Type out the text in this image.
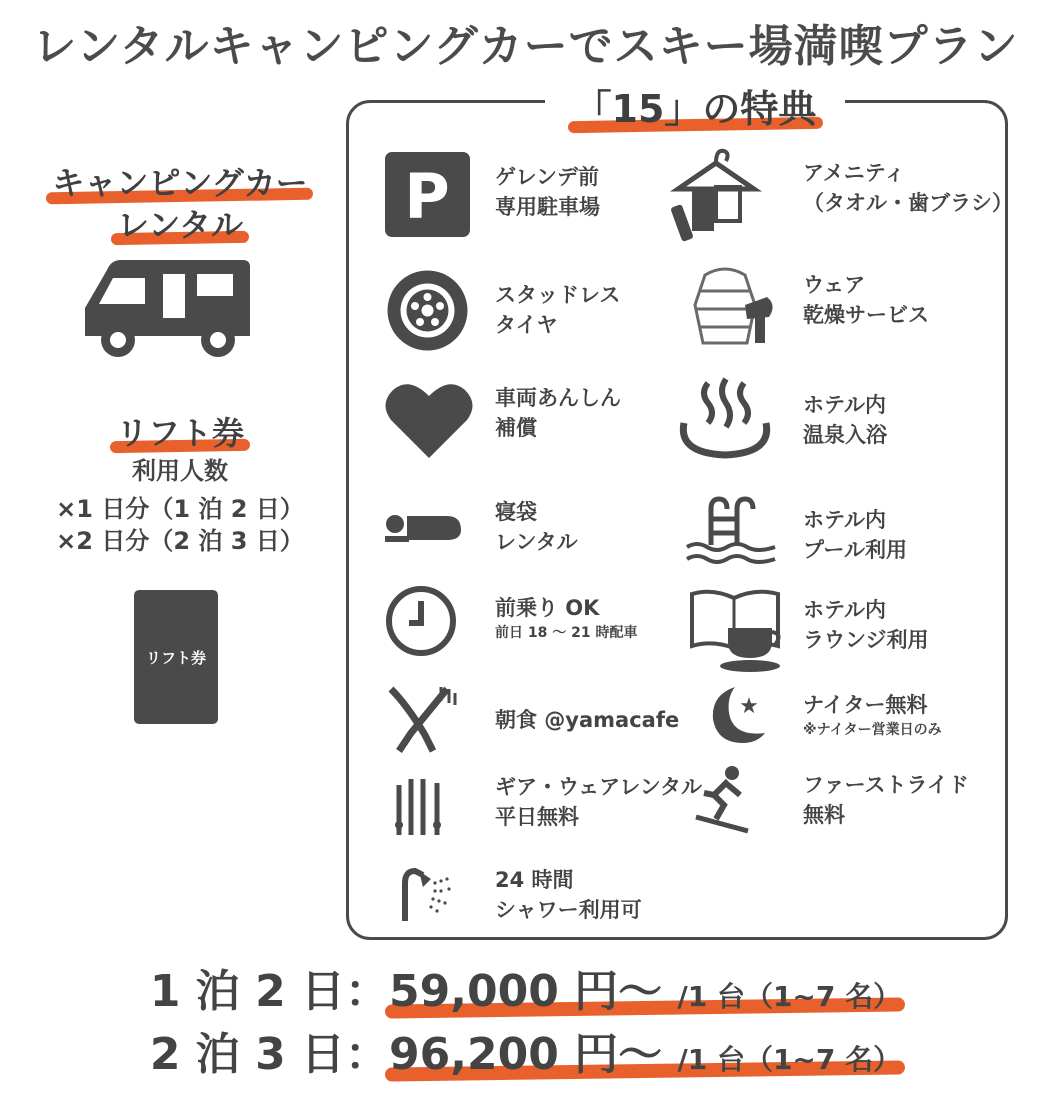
レンタルキャンピングカーでスキー場満喫プラン
「15」の特典
キャンピングカー
レンタル
リフト券
利用人数
×1 日分（1 泊 2 日）
×2 日分（2 泊 3 日）
リフト券
P
★
ゲレンデ前
専用駐車場
スタッドレス
タイヤ
車両あんしん
補償
寝袋
レンタル
前乗り OK
前日 18 〜 21 時配車
朝食 @yamacafe
ギア・ウェアレンタル
平日無料
24 時間
シャワー利用可
アメニティ
（タオル・歯ブラシ）
ウェア
乾燥サービス
ホテル内
温泉入浴
ホテル内
プール利用
ホテル内
ラウンジ利用
ナイター無料
※ナイター営業日のみ
ファーストライド
無料
1 泊 2 日：59,000 円〜 /1 台（1~7 名）
2 泊 3 日：96,200 円〜 /1 台（1~7 名）
